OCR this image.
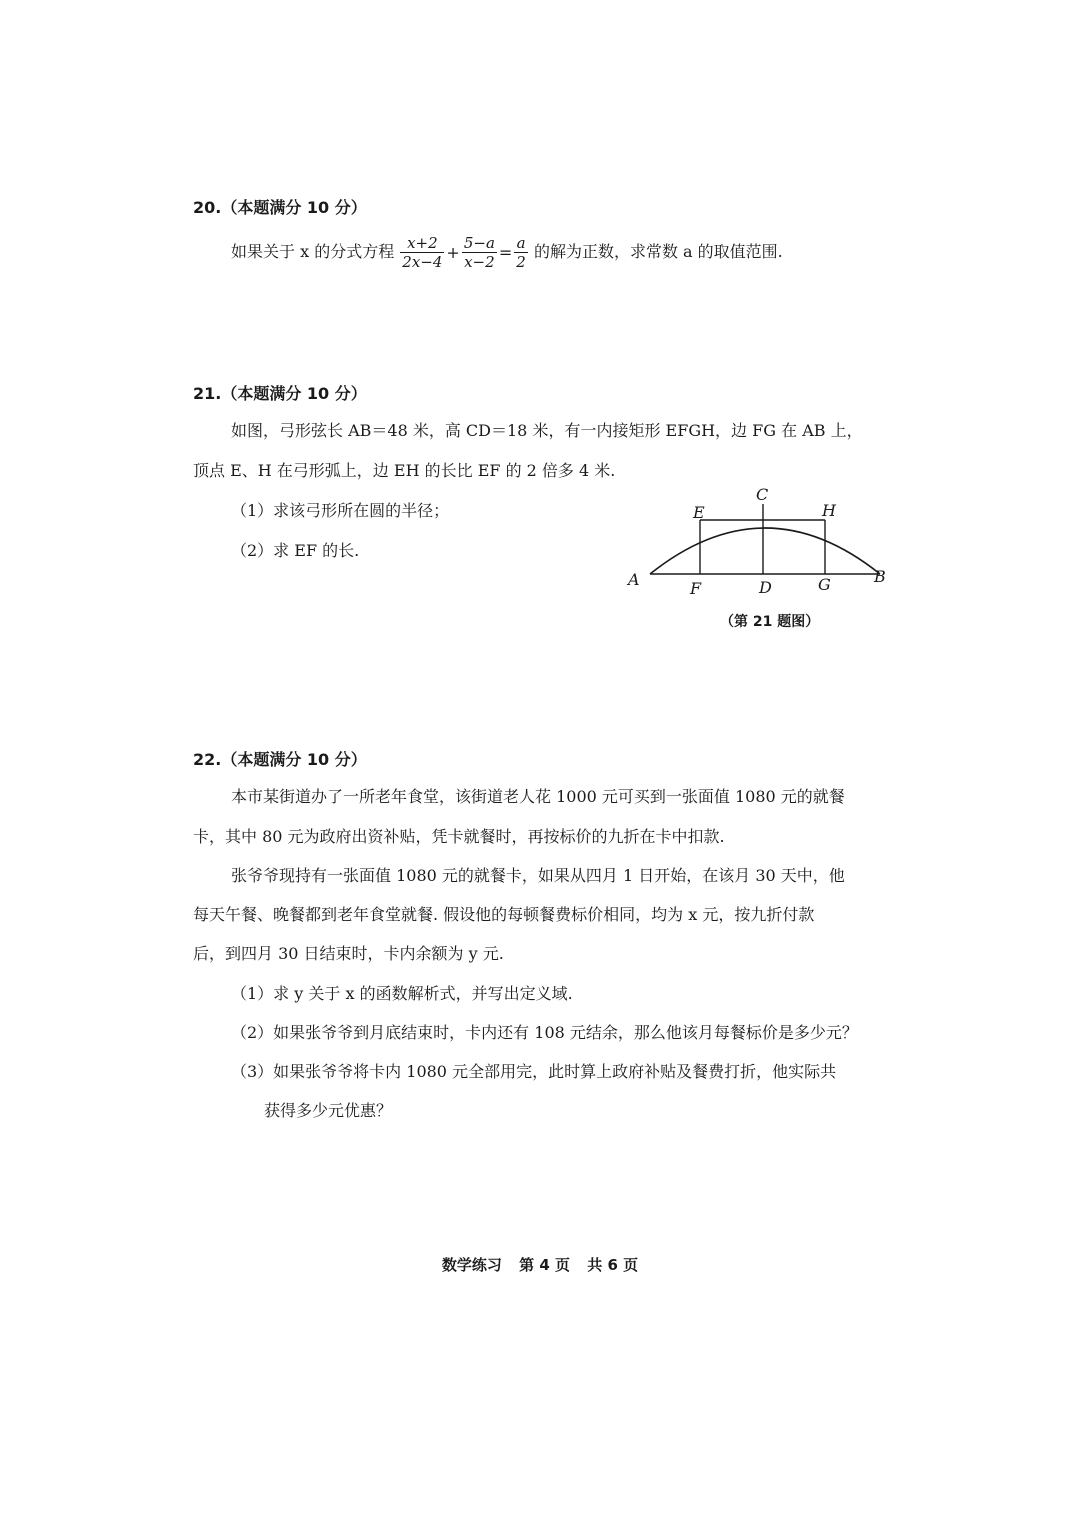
20.（本题满分 10 分）
如果关于 x 的分式方程 $\frac{x+2}{2x-4} + \frac{5-a}{x-2} = \frac{a}{2}$ 的解为正数，求常数 a 的取值范围.
21.（本题满分 10 分）
如图，弓形弦长 AB＝48 米，高 CD＝18 米，有一内接矩形 EFGH，边 FG 在 AB 上，
顶点 E、H 在弓形弧上，边 EH 的长比 EF 的 2 倍多 4 米.
（1）求该弓形所在圆的半径；
（2）求 EF 的长.
A	B
C
D
E
F	G
H
（第 21 题图）
22.（本题满分 10 分）
本市某街道办了一所老年食堂，该街道老人花 1000 元可买到一张面值 1080 元的就餐
卡，其中 80 元为政府出资补贴，凭卡就餐时，再按标价的九折在卡中扣款.
张爷爷现持有一张面值 1080 元的就餐卡，如果从四月 1 日开始，在该月 30 天中，他
每天午餐、晚餐都到老年食堂就餐. 假设他的每顿餐费标价相同，均为 x 元，按九折付款
后，到四月 30 日结束时，卡内余额为 y 元.
（1）求 y 关于 x 的函数解析式，并写出定义域.
（2）如果张爷爷到月底结束时，卡内还有 108 元结余，那么他该月每餐标价是多少元？
（3）如果张爷爷将卡内 1080 元全部用完，此时算上政府补贴及餐费打折，他实际共
获得多少元优惠？
数学练习 第 4 页 共 6 页
